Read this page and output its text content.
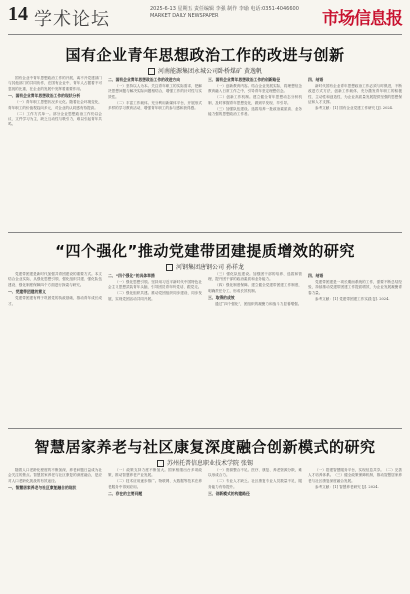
14 学术论坛	2025-6-13 星期五 责任编辑 李强 制作 李瑜 电话:0351-4046600
MARKET DAILY NEWSPAPER	市场信息报
国有企业青年思想政治工作的改进与创新
河南能源集团永城公司卧桥煤矿 黄逸帆

国有企业中青年思想政治工作的开展，离不开党建部门与其他部门的共同协作，在国有企业中，青年人占据着不可忽视的比重，在企业的发展中发挥着重要作用。

一、国有企业青年思想政治工作的现状分析

（一）青年职工思想状况多元化。随着社会环境变化，青年职工的价值观趋向多元，对企业的认同感有待提高。

（二）工作方式单一。部分企业思想政治工作仍以会议、文件学习为主，缺乏互动性与吸引力，难以引起青年共鸣。

二、国有企业青年思想政治工作的改进方向

（一）坚持以人为本。关注青年职工的实际需求，把解决思想问题与解决实际问题相结合，增强工作的针对性与实效性。

（二）丰富工作载体。充分利用新媒体平台，开展形式多样的学习教育活动，增强青年职工的参与感和获得感。

三、国有企业青年思想政治工作的创新路径

（一）创新教育内容。结合企业发展实际，将理想信念教育融入日常工作之中，引导青年坚定理想信念。

（二）创新工作机制。建立健全青年思想动态分析机制，及时掌握青年思想变化，做到早发现、早引导。

（三）加强队伍建设。选拔培养一批政治素质高、业务能力强的思想政治工作者。

四、结语

新时代国有企业青年思想政治工作必须与时俱进，不断改进方式方法，创新工作载体，充分激发青年职工的积极性、主动性和创造性，为企业高质量发展提供坚强的思想保证和人才支撑。

参考文献：[1] 国有企业党建工作研究 [J]. 2024.

“四个强化”推动党建带团建提质增效的研究
河钢集团唐钢公司 孙祥龙

党建带团建是新时代加强共青团建设的重要方式。本文结合企业实际，从强化思想引领、强化组织共建、强化队伍建设、强化制度保障四个方面进行探索与研究。

一、党建带团建的意义

党建带团建有利于巩固党的执政基础，推动青年成长成才。

二、“四个强化”的具体举措

（一）强化思想引领。坚持用习近平新时代中国特色社会主义思想武装青年头脑，引导团员青年听党话、跟党走。

（二）强化组织共建。推动党团组织同步建设、同步发展，实现党团活动共同开展。

（三）强化队伍建设。加强团干部的培养、选拔和管理，提升团干部的政治素质和业务能力。

（四）强化制度保障。建立健全党建带团建工作制度，明确责任分工，形成长效机制。

三、取得的成效

通过“四个强化”，团组织的凝聚力和战斗力显著增强。

四、结语

党建带团建是一项长期而系统的工作，需要不断总结经验，持续推动党建带团建工作提质增效，为企业发展凝聚青春力量。

参考文献：[1] 党建带团建工作实践 [J]. 2024.

智慧居家养老与社区康复深度融合创新模式的研究
苏州托普信息职业技术学院 张锡

随着人口老龄化程度的不断加深，养老问题日益成为社会关注的焦点。智慧居家养老与社区康复的深度融合，是应对人口老龄化挑战的有效途径。

一、智慧居家养老与社区康复融合的现状

（一）政策支持力度不断加大。国家相继出台多项政策，推动智慧养老产业发展。

（二）技术应用逐步推广。物联网、大数据等技术在养老服务中得到应用。

二、存在的主要问题

（一）资源整合不足。医疗、康复、养老资源分散，难以形成合力。

（二）专业人才缺乏。社区康复专业人员数量不足，服务能力有待提升。

三、创新模式的构建路径

（一）搭建智慧服务平台，实现信息共享。（二）完善人才培养体系。（三）健全政策保障机制，推动智慧居家养老与社区康复深度融合发展。

参考文献：[1] 智慧养老研究 [J]. 2024.
